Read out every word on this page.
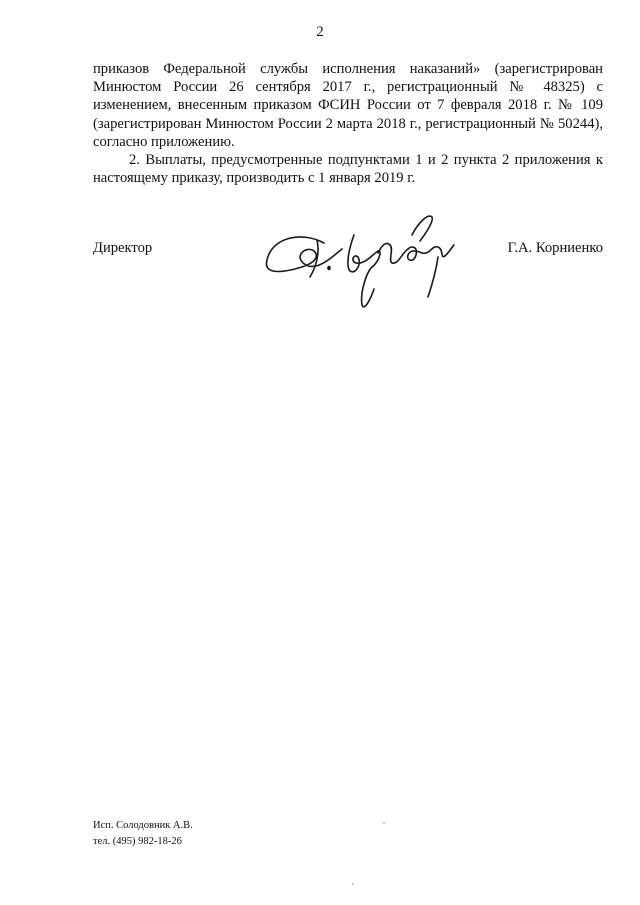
2

приказов Федеральной службы исполнения наказаний» (зарегистрирован Минюстом России 26 сентября 2017 г., регистрационный № 48325) с изменением, внесенным приказом ФСИН России от 7 февраля 2018 г. № 109 (зарегистрирован Минюстом России 2 марта 2018 г., регистрационный № 50244), согласно приложению.

2. Выплаты, предусмотренные подпунктами 1 и 2 пункта 2 приложения к настоящему приказу, производить с 1 января 2019 г.

Директор	Г.А. Корниенко
Исп. Солодовник А.В.
тел. (495) 982-18-26
